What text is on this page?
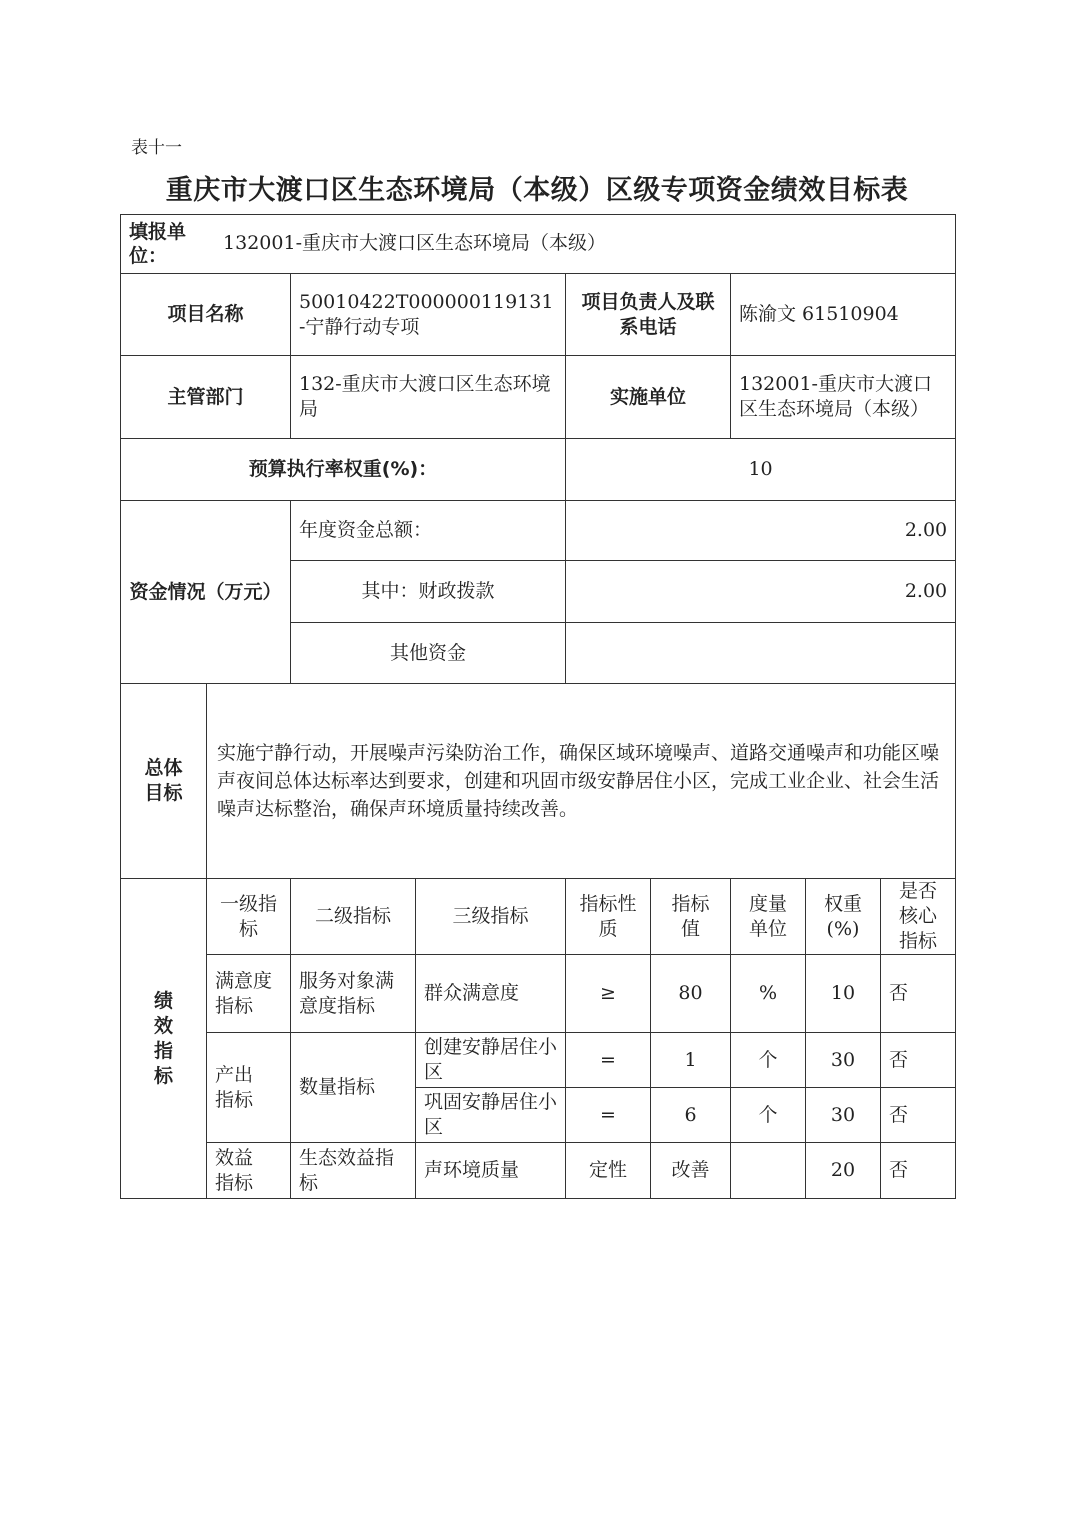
表十一
重庆市大渡口区生态环境局（本级）区级专项资金绩效目标表
填报单位： 132001-重庆市大渡口区生态环境局（本级）								
项目名称		50010422T000000119131-宁静行动专项		项目负责人及联系电话		陈渝文 61510904		
主管部门		132-重庆市大渡口区生态环境局		实施单位		132001-重庆市大渡口区生态环境局（本级）		
预算执行率权重(%)：				10				
资金情况（万元）		年度资金总额：		2.00				
		其中：财政拨款		2.00				
		其他资金						
总体目标	实施宁静行动，开展噪声污染防治工作，确保区域环境噪声、道路交通噪声和功能区噪声夜间总体达标率达到要求，创建和巩固市级安静居住小区，完成工业企业、社会生活噪声达标整治，确保声环境质量持续改善。							
绩效指标	一级指标	二级指标	三级指标	指标性质	指标值	度量单位	权重(%)	是否核心指标
	满意度指标	服务对象满意度指标	群众满意度	≥	80	%	10	否
	产出指标	数量指标	创建安静居住小区	=	1	个	30	否
			巩固安静居住小区	=	6	个	30	否
	效益指标	生态效益指标	声环境质量	定性	改善		20	否
